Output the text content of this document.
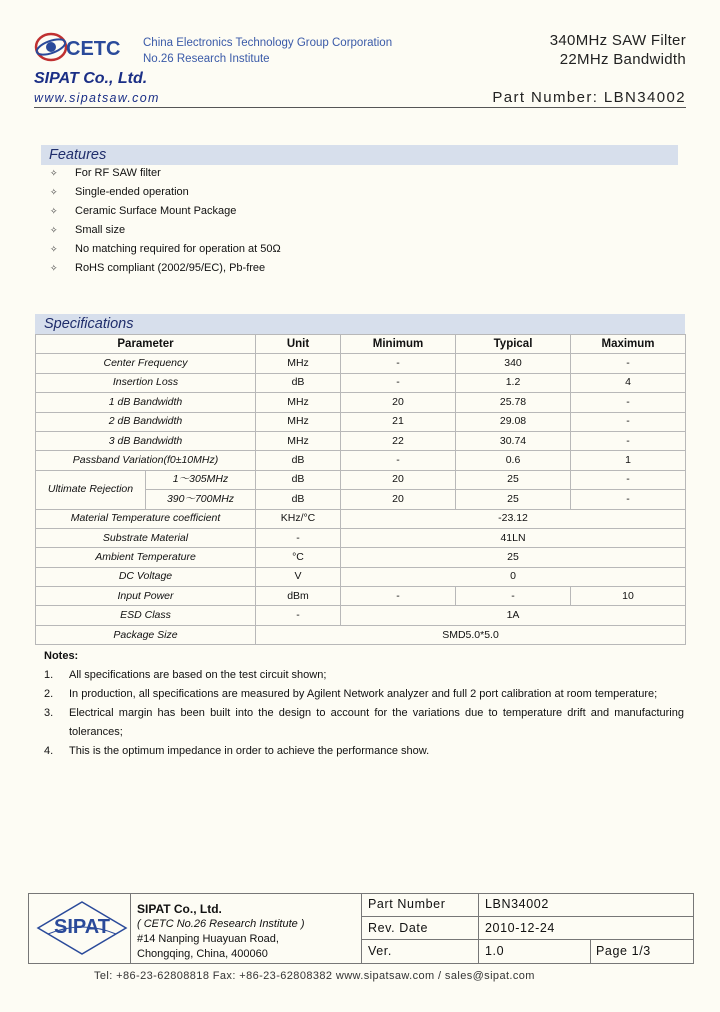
CETC China Electronics Technology Group Corporation
No.26 Research Institute
340MHz SAW Filter
22MHz Bandwidth
SIPAT Co., Ltd.
www.sipatsaw.com	Part Number: LBN34002
Features
✧	For RF SAW filter
✧	Single-ended operation
✧	Ceramic Surface Mount Package
✧	Small size
✧	No matching required for operation at 50Ω
✧	RoHS compliant (2002/95/EC), Pb-free
Specifications
Parameter		Unit	Minimum	Typical	Maximum
Center Frequency		MHz	-	340	-
Insertion Loss		dB	-	1.2	4
1 dB Bandwidth		MHz	20	25.78	-
2 dB Bandwidth		MHz	21	29.08	-
3 dB Bandwidth		MHz	22	30.74	-
Passband Variation(f0±10MHz)		dB	-	0.6	1
Ultimate Rejection	1～305MHz	dB	20	25	-
	390～700MHz	dB	20	25	-
Material Temperature coefficient		KHz/°C	-23.12		
Substrate Material		-	41LN		
Ambient Temperature		°C	25		
DC Voltage		V	0		
Input Power		dBm	-	-	10
ESD Class		-	1A		
Package Size		SMD5.0*5.0			
Notes:
1.	All specifications are based on the test circuit shown;
2.	In production, all specifications are measured by Agilent Network analyzer and full 2 port calibration at room temperature;
3.	Electrical margin has been built into the design to account for the variations due to temperature drift and manufacturing tolerances;
4.	This is the optimum impedance in order to achieve the performance show.
SIPAT
SIPAT Co., Ltd.
( CETC No.26 Research Institute )
#14 Nanping Huayuan Road,
Chongqing, China, 400060
Part Number	LBN34002
Rev. Date	2010-12-24
Ver.	1.0	Page 1/3
Tel: +86-23-62808818 Fax: +86-23-62808382 www.sipatsaw.com / sales@sipat.com
